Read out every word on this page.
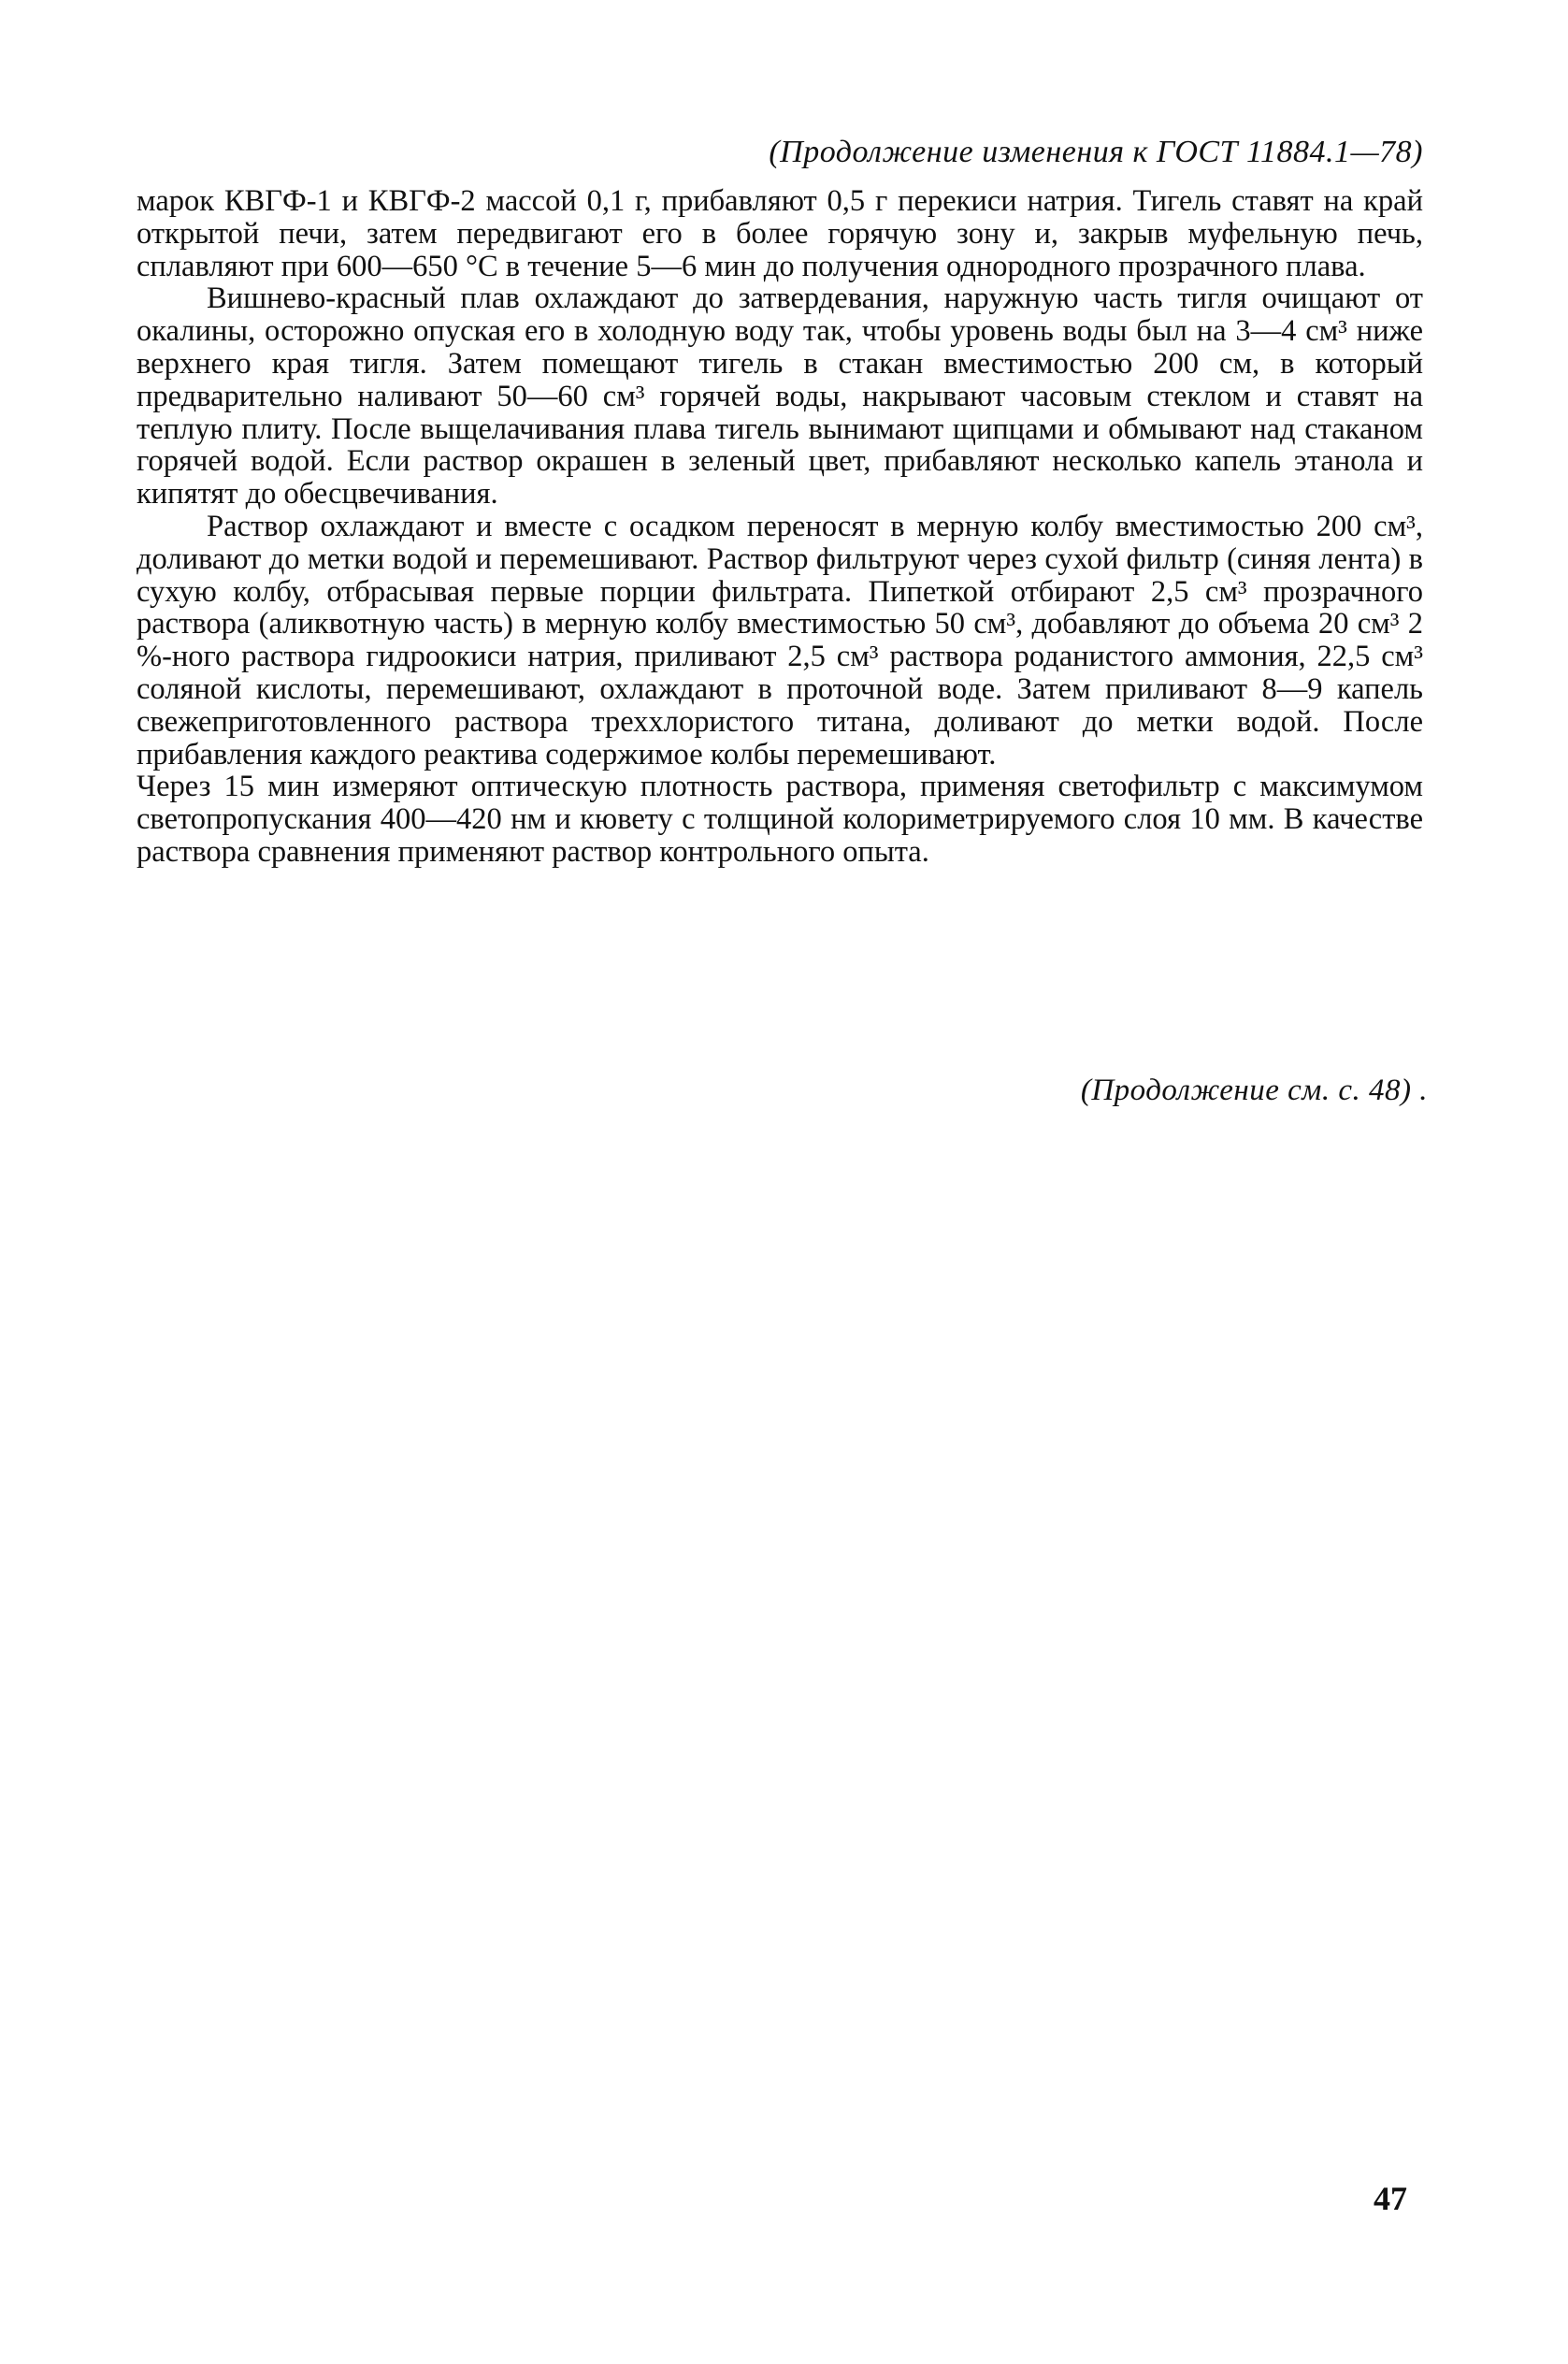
(Продолжение изменения к ГОСТ 11884.1—78)

марок КВГФ-1 и КВГФ-2 массой 0,1 г, прибавляют 0,5 г перекиси натрия. Тигель ставят на край открытой печи, затем передвигают его в более горячую зону и, закрыв муфельную печь, сплавляют при 600—650 °С в течение 5—6 мин до получения однородного прозрачного плава.

Вишнево-красный плав охлаждают до затвердевания, наружную часть тигля очищают от окалины, осторожно опуская его в холодную воду так, чтобы уровень воды был на 3—4 см³ ниже верхнего края тигля. Затем помещают тигель в стакан вместимостью 200 см, в который предварительно наливают 50—60 см³ горячей воды, накрывают часовым стеклом и ставят на теплую плиту. После выщелачивания плава тигель вынимают щипцами и обмывают над стаканом горячей водой. Если раствор окрашен в зеленый цвет, прибавляют несколько капель этанола и кипятят до обесцвечивания.

Раствор охлаждают и вместе с осадком переносят в мерную колбу вместимостью 200 см³, доливают до метки водой и перемешивают. Раствор фильтруют через сухой фильтр (синяя лента) в сухую колбу, отбрасывая первые порции фильтрата. Пипеткой отбирают 2,5 см³ прозрачного раствора (аликвотную часть) в мерную колбу вместимостью 50 см³, добавляют до объема 20 см³ 2 %-ного раствора гидроокиси натрия, приливают 2,5 см³ раствора роданистого аммония, 22,5 см³ соляной кислоты, перемешивают, охлаждают в проточной воде. Затем приливают 8—9 капель свежеприготовленного раствора треххлористого титана, доливают до метки водой. После прибавления каждого реактива содержимое колбы перемешивают.

Через 15 мин измеряют оптическую плотность раствора, применяя светофильтр с максимумом светопропускания 400—420 нм и кювету с толщиной колориметрируемого слоя 10 мм. В качестве раствора сравнения применяют раствор контрольного опыта.

(Продолжение см. с. 48) .
47
